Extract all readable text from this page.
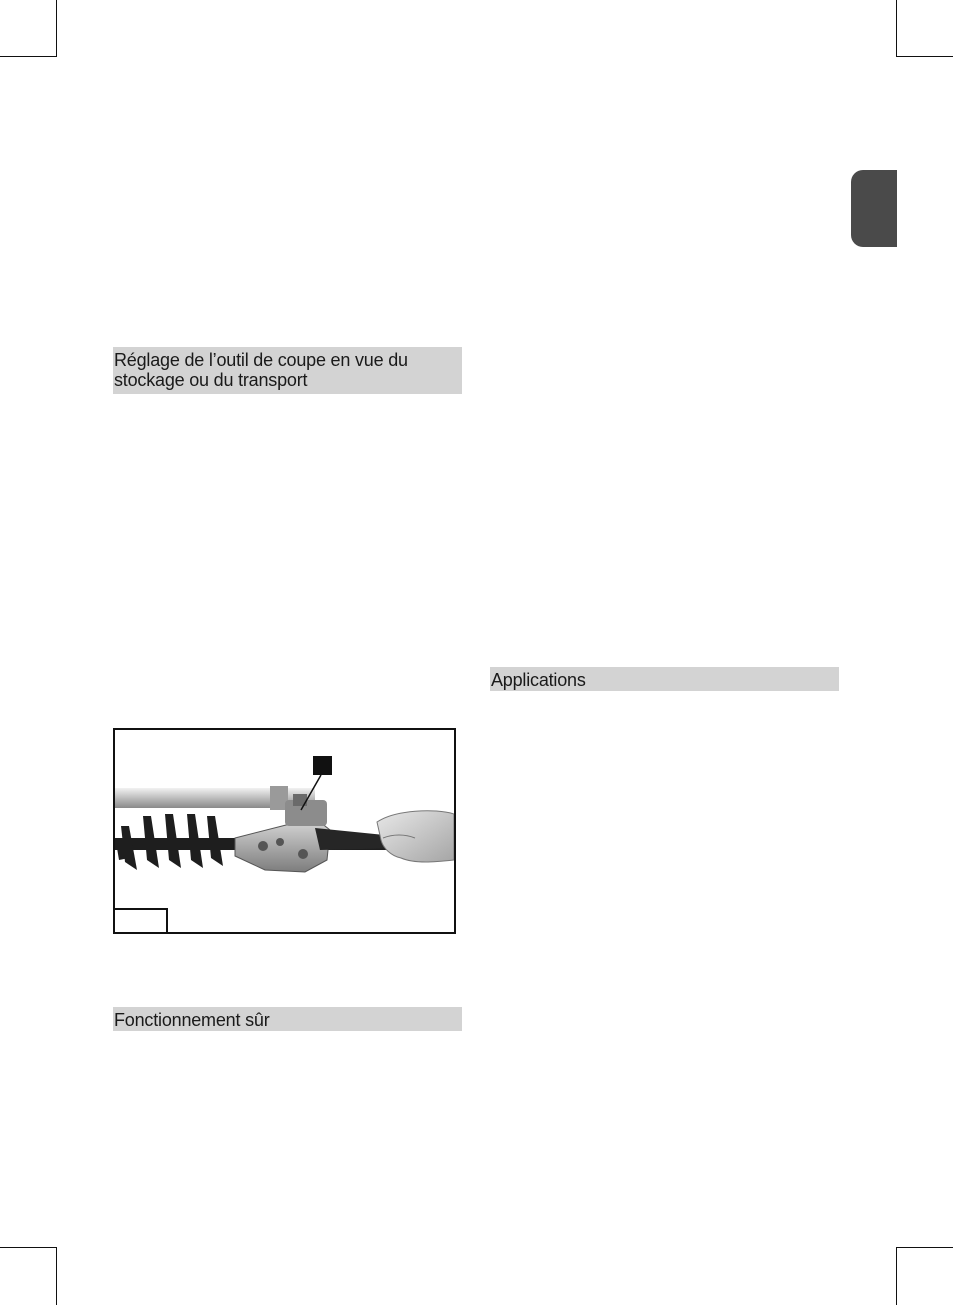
Réglage de l’outil de coupe en vue du
stockage ou du transport
Fonctionnement sûr
Applications
